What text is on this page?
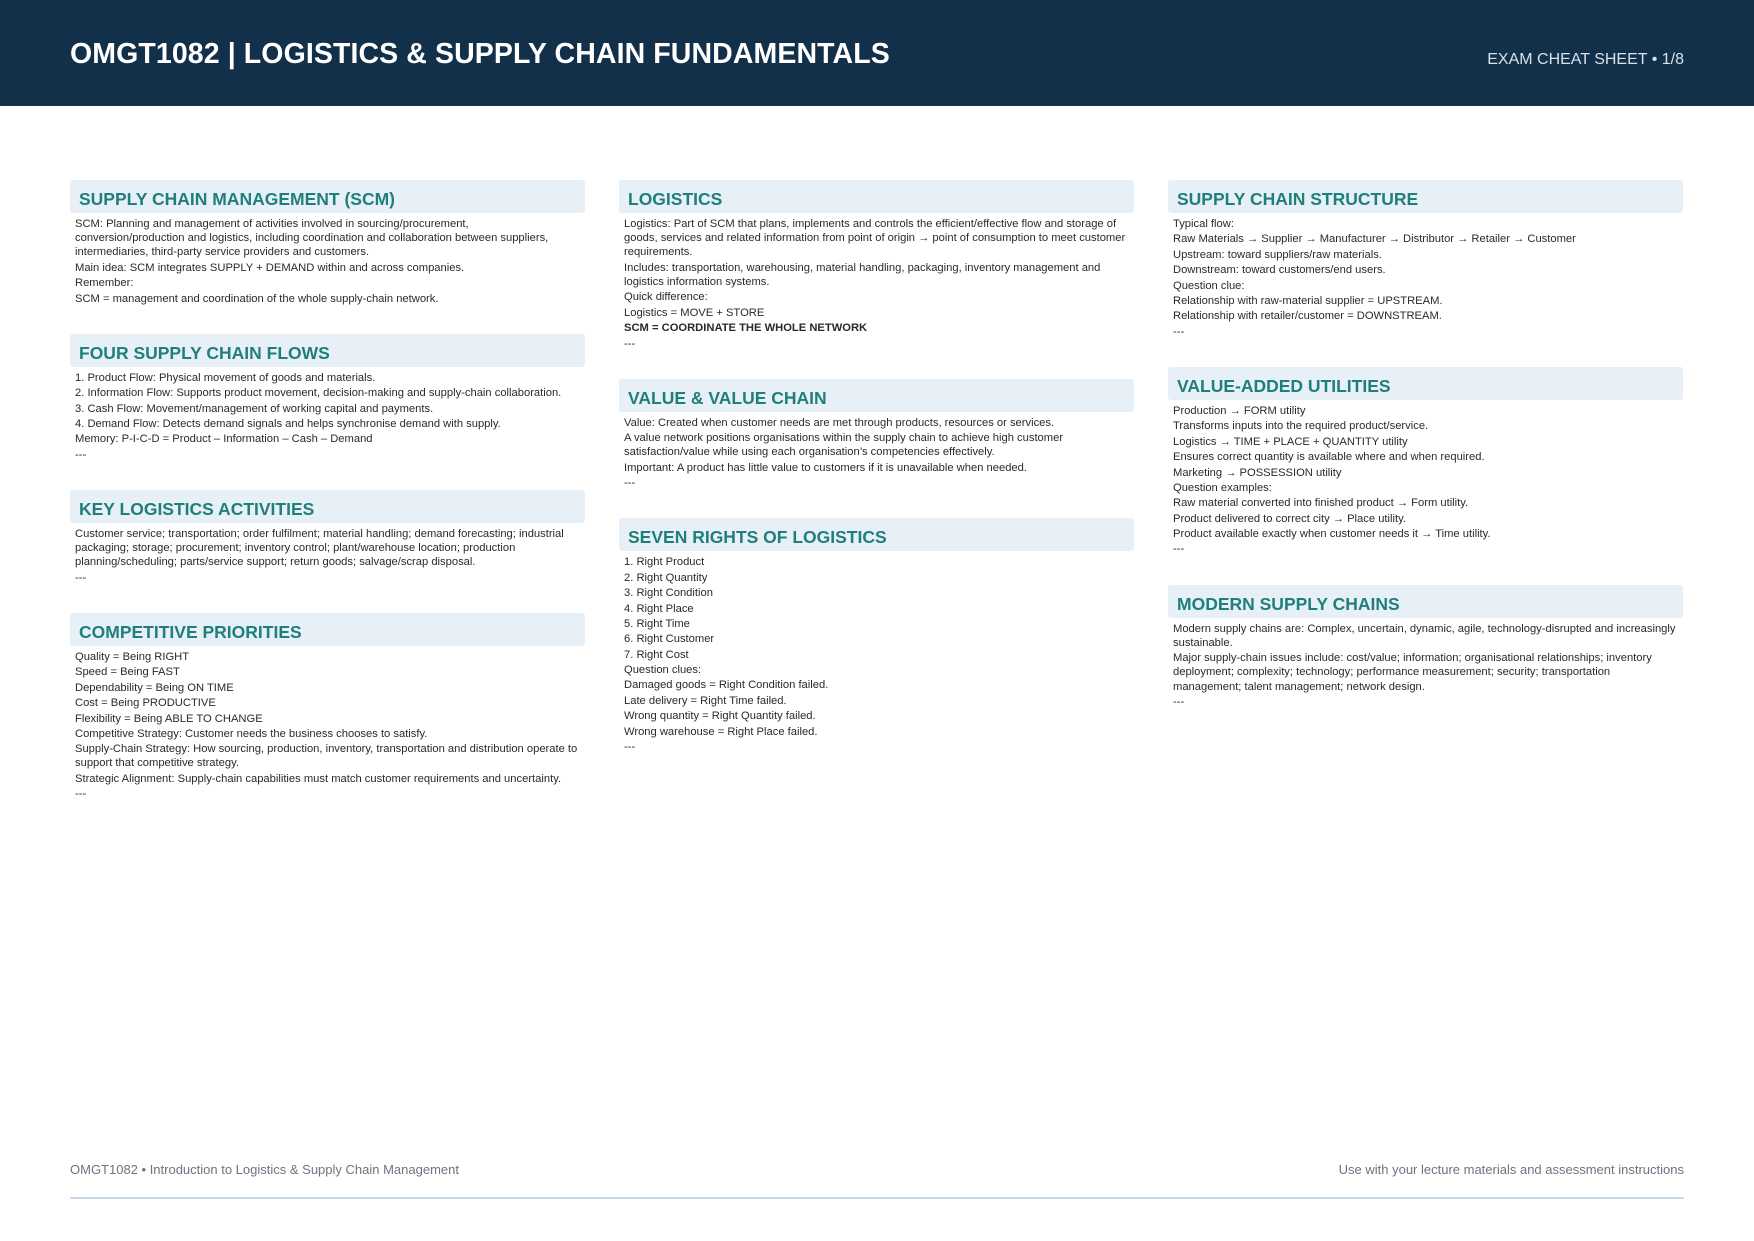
OMGT1082 | LOGISTICS & SUPPLY CHAIN FUNDAMENTALS	EXAM CHEAT SHEET • 1/8
SUPPLY CHAIN MANAGEMENT (SCM)
SCM: Planning and management of activities involved in sourcing/procurement, conversion/production and logistics, including coordination and collaboration between suppliers, intermediaries, third-party service providers and customers.
Main idea: SCM integrates SUPPLY + DEMAND within and across companies.
Remember:
SCM = management and coordination of the whole supply-chain network.
FOUR SUPPLY CHAIN FLOWS
1. Product Flow: Physical movement of goods and materials.
2. Information Flow: Supports product movement, decision-making and supply-chain collaboration.
3. Cash Flow: Movement/management of working capital and payments.
4. Demand Flow: Detects demand signals and helps synchronise demand with supply.
Memory: P-I-C-D = Product – Information – Cash – Demand
---
KEY LOGISTICS ACTIVITIES
Customer service; transportation; order fulfilment; material handling; demand forecasting; industrial packaging; storage; procurement; inventory control; plant/warehouse location; production planning/scheduling; parts/service support; return goods; salvage/scrap disposal.
---
COMPETITIVE PRIORITIES
Quality = Being RIGHT
Speed = Being FAST
Dependability = Being ON TIME
Cost = Being PRODUCTIVE
Flexibility = Being ABLE TO CHANGE
Competitive Strategy: Customer needs the business chooses to satisfy.
Supply-Chain Strategy: How sourcing, production, inventory, transportation and distribution operate to support that competitive strategy.
Strategic Alignment: Supply-chain capabilities must match customer requirements and uncertainty.
---
LOGISTICS
Logistics: Part of SCM that plans, implements and controls the efficient/effective flow and storage of goods, services and related information from point of origin → point of consumption to meet customer requirements.
Includes: transportation, warehousing, material handling, packaging, inventory management and logistics information systems.
Quick difference:
Logistics = MOVE + STORE
SCM = COORDINATE THE WHOLE NETWORK
---
VALUE & VALUE CHAIN
Value: Created when customer needs are met through products, resources or services.
A value network positions organisations within the supply chain to achieve high customer satisfaction/value while using each organisation’s competencies effectively.
Important: A product has little value to customers if it is unavailable when needed.
---
SEVEN RIGHTS OF LOGISTICS
1. Right Product
2. Right Quantity
3. Right Condition
4. Right Place
5. Right Time
6. Right Customer
7. Right Cost
Question clues:
Damaged goods = Right Condition failed.
Late delivery = Right Time failed.
Wrong quantity = Right Quantity failed.
Wrong warehouse = Right Place failed.
---
SUPPLY CHAIN STRUCTURE
Typical flow:
Raw Materials → Supplier → Manufacturer → Distributor → Retailer → Customer
Upstream: toward suppliers/raw materials.
Downstream: toward customers/end users.
Question clue:
Relationship with raw-material supplier = UPSTREAM.
Relationship with retailer/customer = DOWNSTREAM.
---
VALUE-ADDED UTILITIES
Production → FORM utility
Transforms inputs into the required product/service.
Logistics → TIME + PLACE + QUANTITY utility
Ensures correct quantity is available where and when required.
Marketing → POSSESSION utility
Question examples:
Raw material converted into finished product → Form utility.
Product delivered to correct city → Place utility.
Product available exactly when customer needs it → Time utility.
---
MODERN SUPPLY CHAINS
Modern supply chains are: Complex, uncertain, dynamic, agile, technology-disrupted and increasingly sustainable.
Major supply-chain issues include: cost/value; information; organisational relationships; inventory deployment; complexity; technology; performance measurement; security; transportation management; talent management; network design.
---
OMGT1082 • Introduction to Logistics & Supply Chain Management	Use with your lecture materials and assessment instructions
